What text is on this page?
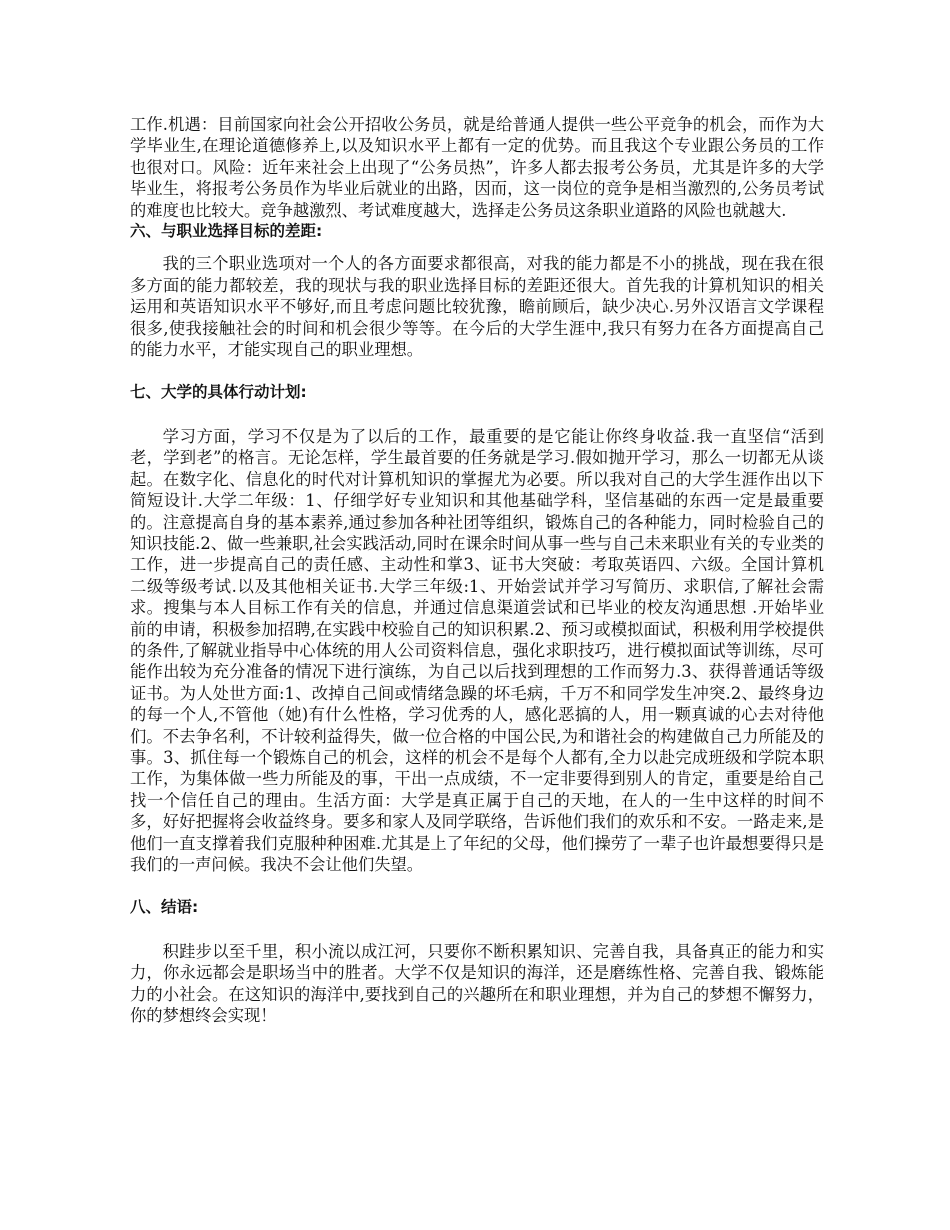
工作.机遇：目前国家向社会公开招收公务员，就是给普通人提供一些公平竞争的机会，而作为大学毕业生,在理论道德修养上,以及知识水平上都有一定的优势。而且我这个专业跟公务员的工作也很对口。风险：近年来社会上出现了“公务员热”，许多人都去报考公务员，尤其是许多的大学毕业生，将报考公务员作为毕业后就业的出路，因而，这一岗位的竞争是相当激烈的,公务员考试的难度也比较大。竞争越激烈、考试难度越大，选择走公务员这条职业道路的风险也就越大.

六、与职业选择目标的差距:

我的三个职业选项对一个人的各方面要求都很高，对我的能力都是不小的挑战，现在我在很多方面的能力都较差，我的现状与我的职业选择目标的差距还很大。首先我的计算机知识的相关运用和英语知识水平不够好,而且考虑问题比较犹豫，瞻前顾后，缺少决心.另外汉语言文学课程很多,使我接触社会的时间和机会很少等等。在今后的大学生涯中,我只有努力在各方面提高自己的能力水平，才能实现自己的职业理想。

七、大学的具体行动计划:

学习方面，学习不仅是为了以后的工作，最重要的是它能让你终身收益.我一直坚信“活到老，学到老”的格言。无论怎样，学生最首要的任务就是学习.假如抛开学习，那么一切都无从谈起。在数字化、信息化的时代对计算机知识的掌握尤为必要。所以我对自己的大学生涯作出以下简短设计.大学二年级：1、仔细学好专业知识和其他基础学科，坚信基础的东西一定是最重要的。注意提高自身的基本素养,通过参加各种社团等组织，锻炼自己的各种能力，同时检验自己的知识技能.2、做一些兼职,社会实践活动,同时在课余时间从事一些与自己未来职业有关的专业类的工作，进一步提高自己的责任感、主动性和掌3、证书大突破：考取英语四、六级。全国计算机二级等级考试.以及其他相关证书.大学三年级:1、开始尝试并学习写简历、求职信,了解社会需求。搜集与本人目标工作有关的信息，并通过信息渠道尝试和已毕业的校友沟通思想 .开始毕业前的申请，积极参加招聘,在实践中校验自己的知识积累.2、预习或模拟面试，积极利用学校提供的条件,了解就业指导中心体统的用人公司资料信息，强化求职技巧，进行模拟面试等训练，尽可能作出较为充分准备的情况下进行演练，为自己以后找到理想的工作而努力.3、获得普通话等级证书。为人处世方面:1、改掉自己间或情绪急躁的坏毛病，千万不和同学发生冲突.2、最终身边的每一个人,不管他（她)有什么性格，学习优秀的人，感化恶搞的人，用一颗真诚的心去对待他们。不去争名利，不计较利益得失，做一位合格的中国公民,为和谐社会的构建做自己力所能及的事。3、抓住每一个锻炼自己的机会，这样的机会不是每个人都有,全力以赴完成班级和学院本职工作，为集体做一些力所能及的事，干出一点成绩，不一定非要得到别人的肯定，重要是给自己找一个信任自己的理由。生活方面：大学是真正属于自己的天地，在人的一生中这样的时间不多，好好把握将会收益终身。要多和家人及同学联络，告诉他们我们的欢乐和不安。一路走来,是他们一直支撑着我们克服种种困难.尤其是上了年纪的父母，他们操劳了一辈子也许最想要得只是我们的一声问候。我决不会让他们失望。

八、结语:

积跬步以至千里，积小流以成江河，只要你不断积累知识、完善自我，具备真正的能力和实力，你永远都会是职场当中的胜者。大学不仅是知识的海洋，还是磨练性格、完善自我、锻炼能力的小社会。在这知识的海洋中,要找到自己的兴趣所在和职业理想，并为自己的梦想不懈努力，你的梦想终会实现！
